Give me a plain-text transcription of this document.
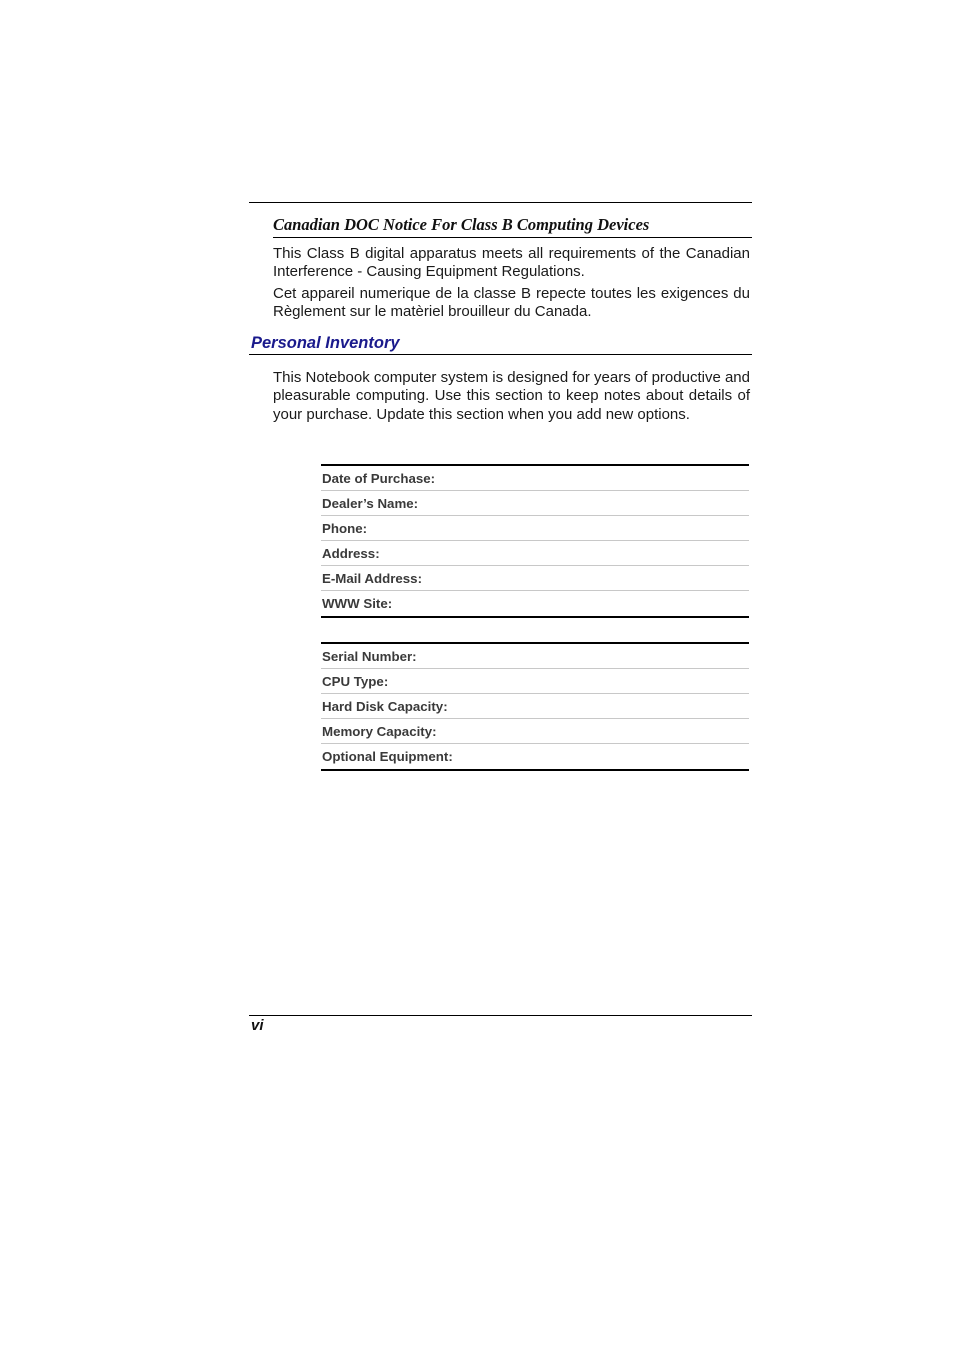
Canadian DOC Notice For Class B Computing Devices

This Class B digital apparatus meets all requirements of the Canadian Interference - Causing Equipment Regulations.

Cet appareil numerique de la classe B repecte toutes les exigences du Règlement sur le matèriel brouilleur du Canada.

Personal Inventory

This Notebook computer system is designed for years of productive and pleasurable computing. Use this section to keep notes about details of your purchase. Update this section when you add new options.

Date of Purchase:
Dealer’s Name:
Phone:
Address:
E-Mail Address:
WWW Site:
Serial Number:
CPU Type:
Hard Disk Capacity:
Memory Capacity:
Optional Equipment:
vi
